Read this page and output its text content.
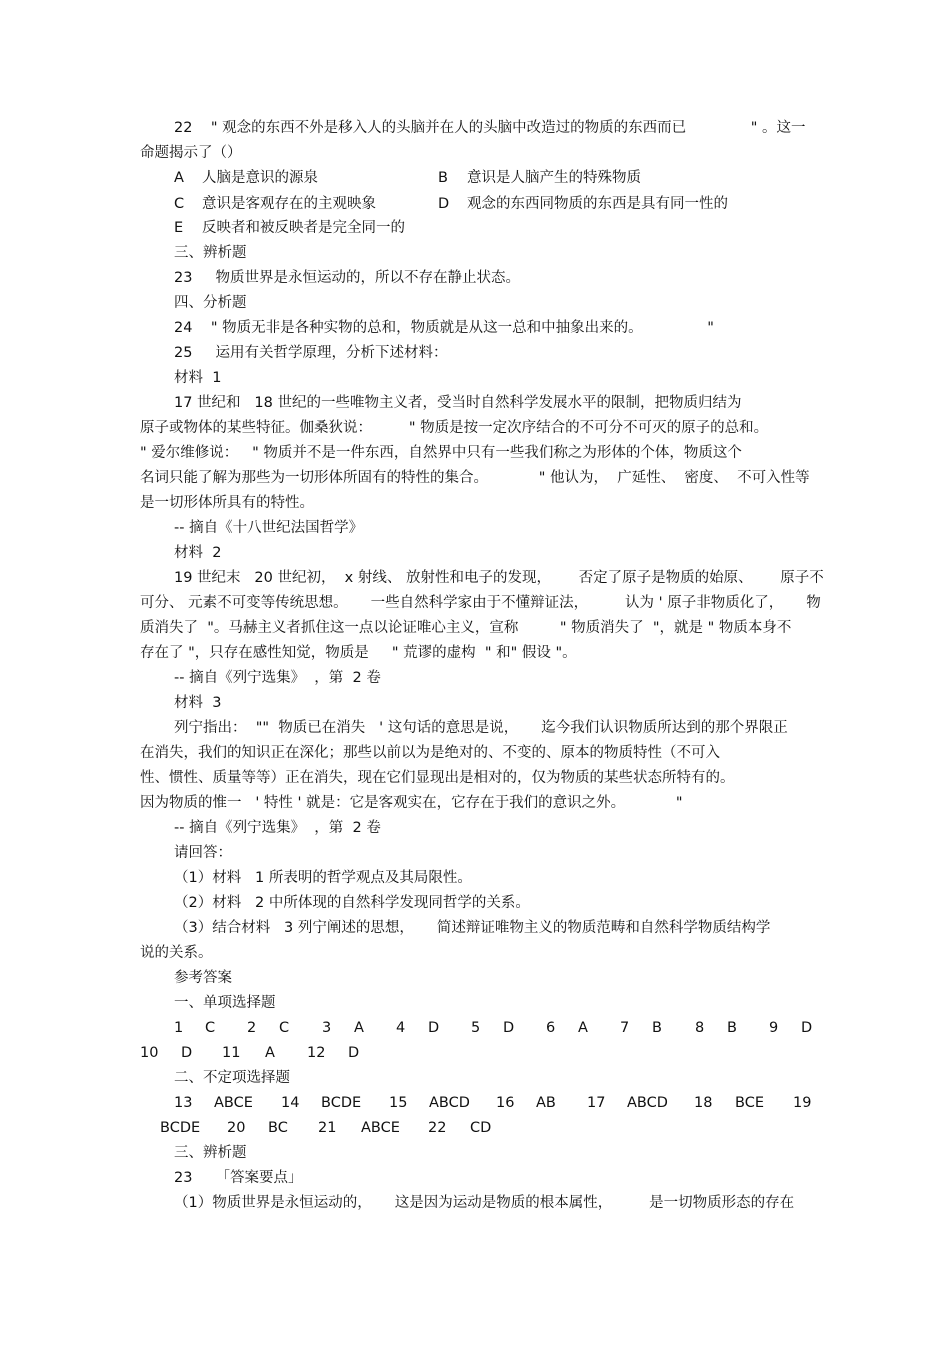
22    " 观念的东西不外是移入人的头脑并在人的头脑中改造过的物质的东西而已              " 。这一
命题揭示了（）
A 人脑是意识的源泉	B 意识是人脑产生的特殊物质
C 意识是客观存在的主观映象	D 观念的东西同物质的东西是具有同一性的
E 反映者和被反映者是完全同一的
三、辨析题
23     物质世界是永恒运动的，所以不存在静止状态。
四、分析题
24    " 物质无非是各种实物的总和，物质就是从这一总和中抽象出来的。              "
25     运用有关哲学原理，分析下述材料：
材料  1
17 世纪和   18 世纪的一些唯物主义者，受当时自然科学发展水平的限制，把物质归结为
原子或物体的某些特征。伽桑狄说：        " 物质是按一定次序结合的不可分不可灭的原子的总和。
" 爱尔维修说：   " 物质并不是一件东西，自然界中只有一些我们称之为形体的个体，物质这个
名词只能了解为那些为一切形体所固有的特性的集合。           " 他认为，  广延性、  密度、  不可入性等
是一切形体所具有的特性。
-- 摘自《十八世纪法国哲学》
材料  2
19 世纪末   20 世纪初，  x 射线、 放射性和电子的发现，      否定了原子是物质的始原、      原子不
可分、 元素不可变等传统思想。     一些自然科学家由于不懂辩证法，        认为 ' 原子非物质化了，     物
质消失了  "。马赫主义者抓住这一点以论证唯心主义，宣称         " 物质消失了  "，就是 " 物质本身不
存在了 "，只存在感性知觉，物质是     " 荒谬的虚构  " 和" 假设 "。
-- 摘自《列宁选集》  ，第  2 卷
材料  3
列宁指出：  ""  物质已在消失   ' 这句话的意思是说，     迄今我们认识物质所达到的那个界限正
在消失，我们的知识正在深化；那些以前以为是绝对的、不变的、原本的物质特性（不可入
性、惯性、质量等等）正在消失，现在它们显现出是相对的，仅为物质的某些状态所特有的。
因为物质的惟一   ' 特性 ' 就是：它是客观实在，它存在于我们的意识之外。           "
-- 摘自《列宁选集》  ，第  2 卷
请回答：
（1）材料   1 所表明的哲学观点及其局限性。
（2）材料   2 中所体现的自然科学发现同哲学的关系。
（3）结合材料   3 列宁阐述的思想，     简述辩证唯物主义的物质范畴和自然科学物质结构学
说的关系。
参考答案
一、单项选择题
1 C 2 C 3 A 4 D 5 D 6 A 7 B 8 B 9 D
10 D 11 A 12 D
二、不定项选择题
13 ABCE 14 BCDE 15 ABCD 16 AB 17 ABCD 18 BCE 19
BCDE 20 BC 21 ABCE 22 CD
三、辨析题
23     「答案要点」
（1）物质世界是永恒运动的，     这是因为运动是物质的根本属性，        是一切物质形态的存在
